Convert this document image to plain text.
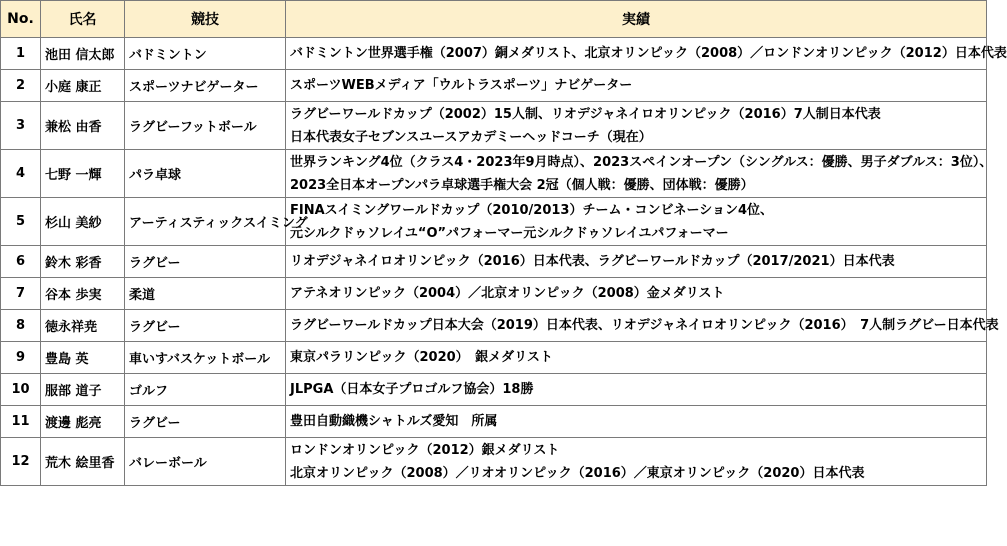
No.	氏名	競技	実績
1	池田 信太郎	バドミントン	バドミントン世界選手権（2007）銅メダリスト、北京オリンピック（2008）／ロンドンオリンピック（2012）日本代表

2	小庭 康正	スポーツナビゲーター	スポーツWEBメディア「ウルトラスポーツ」ナビゲーター

3	兼松 由香	ラグビーフットボール	ラグビーワールドカップ（2002）15人制、リオデジャネイロオリンピック（2016）7人制日本代表
日本代表女子セブンスユースアカデミーヘッドコーチ（現在）

4	七野 一輝	パラ卓球	世界ランキング4位（クラス4・2023年9月時点）、2023スペインオープン（シングルス：優勝、男子ダブルス：3位）、
2023全日本オープンパラ卓球選手権大会 2冠（個人戦：優勝、団体戦：優勝）

5	杉山 美紗	アーティスティックスイミング	FINAスイミングワールドカップ（2010/2013）チーム・コンビネーション4位、
元シルクドゥソレイユ“O”パフォーマー元シルクドゥソレイユパフォーマー

6	鈴木 彩香	ラグビー	リオデジャネイロオリンピック（2016）日本代表、ラグビーワールドカップ（2017/2021）日本代表

7	谷本 歩実	柔道	アテネオリンピック（2004）／北京オリンピック（2008）金メダリスト

8	徳永祥尭	ラグビー	ラグビーワールドカップ日本大会（2019）日本代表、リオデジャネイロオリンピック（2016）　7人制ラグビー日本代表

9	豊島 英	車いすバスケットボール	東京パラリンピック（2020）　銀メダリスト

10	服部 道子	ゴルフ	JLPGA（日本女子プロゴルフ協会）18勝

11	渡邊 彪亮	ラグビー	豊田自動織機シャトルズ愛知　所属

12	荒木 絵里香	バレーボール	ロンドンオリンピック（2012）銀メダリスト
北京オリンピック（2008）／リオオリンピック（2016）／東京オリンピック（2020）日本代表
